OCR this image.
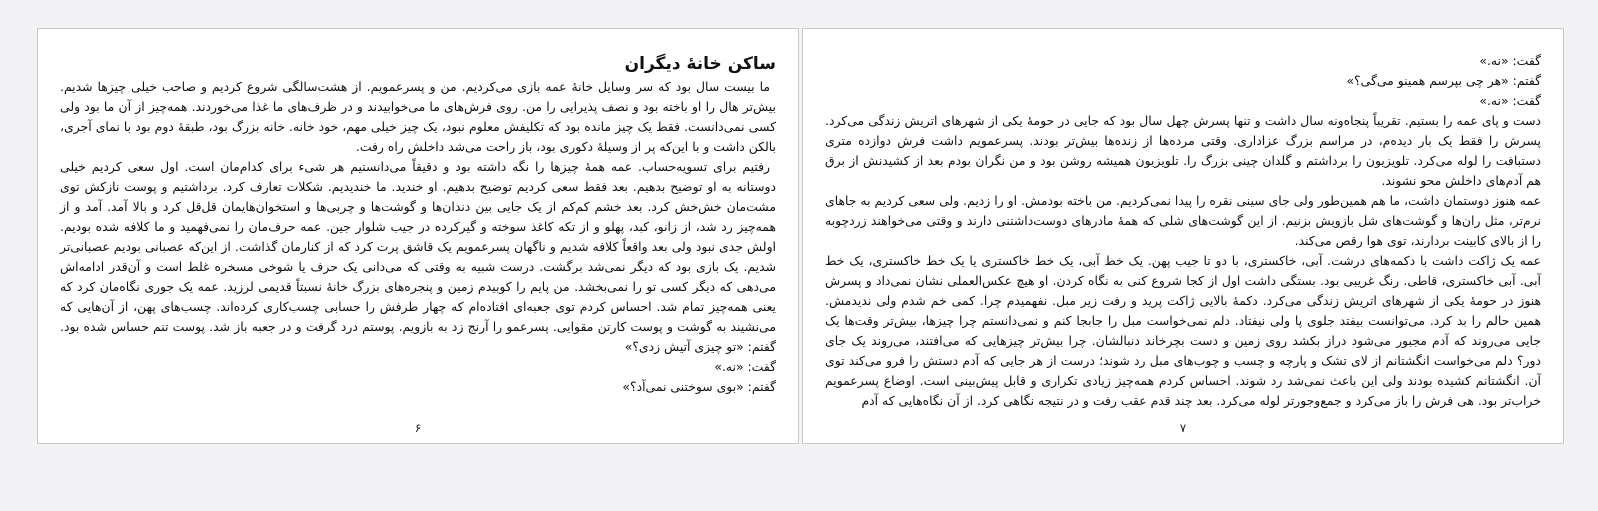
ساکن خانهٔ دیگران

ما بیست سال بود که سر وسایل خانهٔ عمه بازی می‌کردیم. من و پسرعمویم. از هشت‌سالگی شروع کردیم و صاحب خیلی چیزها شدیم. بیش‌تر هال را او باخته بود و نصف پذیرایی را من. روی فرش‌های ما می‌خوابیدند و در ظرف‌های ما غذا می‌خوردند. همه‌چیز از آن ما بود ولی کسی نمی‌دانست. فقط یک چیز مانده بود که تکلیفش معلوم نبود، یک چیز خیلی مهم، خود خانه. خانه بزرگ بود، طبقهٔ دوم بود با نمای آجری، بالکن داشت و با این‌که پر از وسیلهٔ دکوری بود، باز راحت می‌شد داخلش راه رفت.

رفتیم برای تسویه‌حساب. عمه همهٔ چیزها را نگه داشته بود و دقیقاً می‌دانستیم هر شیء برای کدام‌مان است. اول سعی کردیم خیلی دوستانه به او توضیح بدهیم. بعد فقط سعی کردیم توضیح بدهیم. او خندید. ما خندیدیم. شکلات تعارف کرد. برداشتیم و پوست نازکش توی مشت‌مان خش‌خش کرد. بعد خشم کم‌کم از یک جایی بین دندان‌ها و گوشت‌ها و چربی‌ها و استخوان‌هایمان قل‌قل کرد و بالا آمد. آمد و از همه‌چیز رد شد، از زانو، کبد، پهلو و از تکه کاغذ سوخته و گیرکرده در جیب شلوار جین. عمه حرف‌مان را نمی‌فهمید و ما کلافه شده بودیم. اولش جدی نبود ولی بعد واقعاً کلافه شدیم و ناگهان پسرعمویم یک قاشق پرت کرد که از کنارمان گذاشت. از این‌که عصبانی بودیم عصبانی‌تر شدیم. یک بازی بود که دیگر نمی‌شد برگشت. درست شبیه به وقتی که می‌دانی یک حرف یا شوخی مسخره غلط است و آن‌قدر ادامه‌اش می‌دهی که دیگر کسی تو را نمی‌بخشد. من پایم را کوبیدم زمین و پنجره‌های بزرگ خانهٔ نسبتاً قدیمی لرزید. عمه یک جوری نگاه‌مان کرد که یعنی همه‌چیز تمام شد. احساس کردم توی جعبه‌ای افتاده‌ام که چهار طرفش را حسابی چسب‌کاری کرده‌اند. چسب‌های پهن، از آن‌هایی که می‌نشیند به گوشت و پوست کارتن مقوایی. پسرعمو را آرنج زد به بازویم. پوستم درد گرفت و در جعبه باز شد. پوست تنم حساس شده بود. گفتم: «تو چیزی آتیش زدی؟»

گفت: «نه.»

گفتم: «بوی سوختنی نمی‌آد؟»

۶

گفت: «نه.»

گفتم: «هر چی بپرسم همینو می‌گی؟»

گفت: «نه.»

دست و پای عمه را بستیم. تقریباً پنجاه‌ونه سال داشت و تنها پسرش چهل سال بود که جایی در حومهٔ یکی از شهرهای اتریش زندگی می‌کرد. پسرش را فقط یک بار دیده‌م، در مراسم بزرگ عزاداری. وقتی مرده‌ها از زنده‌ها بیش‌تر بودند. پسرعمویم داشت فرش دوازده متری دستبافت را لوله می‌کرد. تلویزیون را برداشتم و گلدان چینی بزرگ را. تلویزیون همیشه روشن بود و من نگران بودم بعد از کشیدنش از برق هم آدم‌های داخلش محو نشوند.

عمه هنوز دوستمان داشت، ما هم همین‌طور ولی جای سینی نقره را پیدا نمی‌کردیم. من باخته بودمش. او را زدیم. ولی سعی کردیم به جاهای نرم‌تر، مثل ران‌ها و گوشت‌های شل بازویش بزنیم. از این گوشت‌های شلی که همهٔ مادرهای دوست‌داشتنی دارند و وقتی می‌خواهند زردچوبه را از بالای کابینت بردارند، توی هوا رقص می‌کند.

عمه یک ژاکت داشت با دکمه‌های درشت. آبی، خاکستری، با دو تا جیب پهن. یک خط آبی، یک خط خاکستری یا یک خط خاکستری، یک خط آبی. آبی خاکستری، قاطی. رنگ غریبی بود. بستگی داشت اول از کجا شروع کنی به نگاه کردن. او هیچ عکس‌العملی نشان نمی‌داد و پسرش هنوز در حومهٔ یکی از شهرهای اتریش زندگی می‌کرد. دکمهٔ بالایی ژاکت پرید و رفت زیر مبل. نفهمیدم چرا. کمی خم شدم ولی ندیدمش. همین حالم را بد کرد. می‌توانست بیفتد جلوی پا ولی نیفتاد. دلم نمی‌خواست مبل را جابجا کنم و نمی‌دانستم چرا چیزها، بیش‌تر وقت‌ها یک جایی می‌روند که آدم مجبور می‌شود دراز بکشد روی زمین و دست بچرخاند دنبالشان. چرا بیش‌تر چیزهایی که می‌افتند، می‌روند یک جای دور؟ دلم می‌خواست انگشتانم از لای تشک و پارچه و چسب و چوب‌های مبل رد شوند؛ درست از هر جایی که آدم دستش را فرو می‌کند توی آن. انگشتانم کشیده بودند ولی این باعث نمی‌شد رد شوند. احساس کردم همه‌چیز زیادی تکراری و قابل پیش‌بینی است. اوضاع پسرعمویم خراب‌تر بود. هی فرش را باز می‌کرد و جمع‌وجورتر لوله می‌کرد. بعد چند قدم عقب رفت و در نتیجه نگاهی کرد. از آن نگاه‌هایی که آدم

۷
